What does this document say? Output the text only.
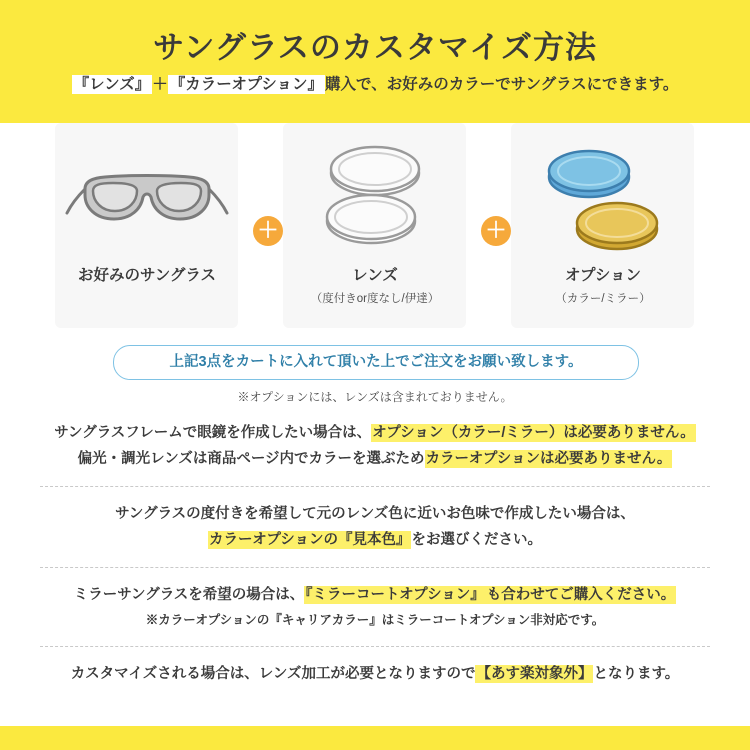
サングラスのカスタマイズ方法
『レンズ』 ＋ 『カラーオプション』 購入で、お好みのカラーでサングラスにできます。
＋	＋
お好みのサングラス	レンズ
（度付きor度なし/伊達）
オプション
（カラー/ミラー）
上記3点をカートに入れて頂いた上でご注文をお願い致します。
※オプションには、レンズは含まれておりません。
サングラスフレームで眼鏡を作成したい場合は、オプション（カラー/ミラー）は必要ありません。
偏光・調光レンズは商品ページ内でカラーを選ぶためカラーオプションは必要ありません。
サングラスの度付きを希望して元のレンズ色に近いお色味で作成したい場合は、
カラーオプションの『見本色』をお選びください。
ミラーサングラスを希望の場合は、『ミラーコートオプション』 も合わせてご購入ください。
※カラーオプションの『キャリアカラー』はミラーコートオプション非対応です。
カスタマイズされる場合は、レンズ加工が必要となりますので【あす楽対象外】となります。
